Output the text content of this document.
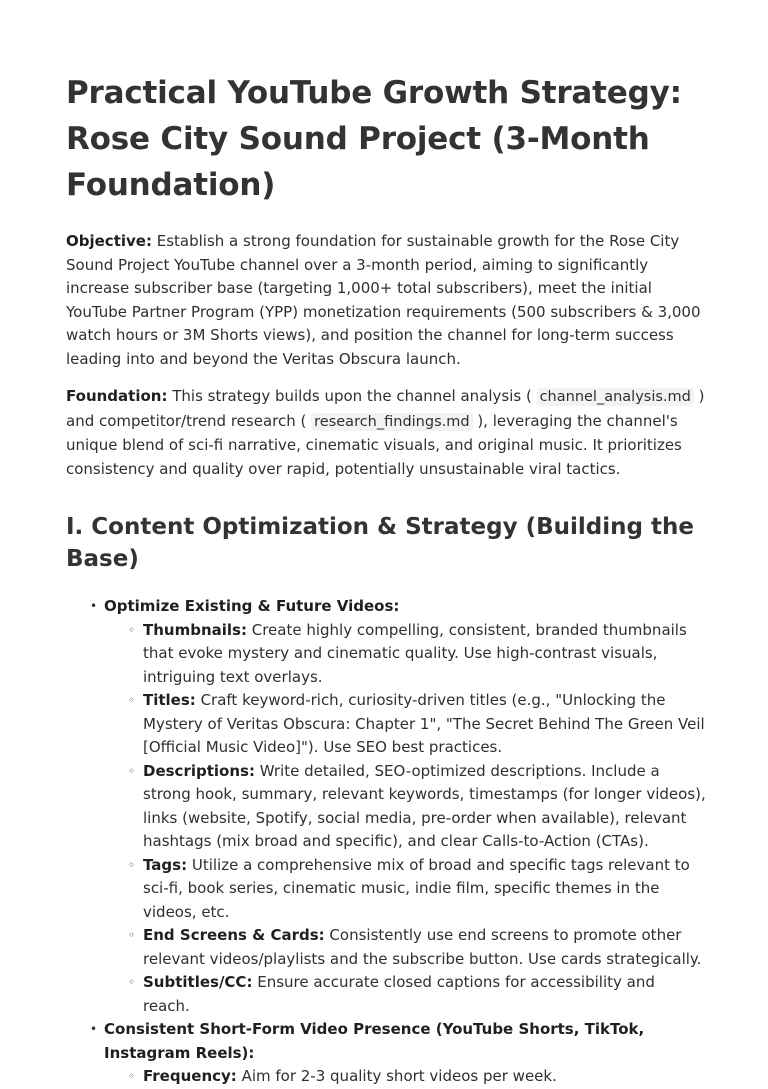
Practical YouTube Growth Strategy: Rose City Sound Project (3-Month Foundation)

Objective: Establish a strong foundation for sustainable growth for the Rose City Sound Project YouTube channel over a 3-month period, aiming to significantly increase subscriber base (targeting 1,000+ total subscribers), meet the initial YouTube Partner Program (YPP) monetization requirements (500 subscribers & 3,000 watch hours or 3M Shorts views), and position the channel for long-term success leading into and beyond the Veritas Obscura launch.

Foundation: This strategy builds upon the channel analysis ( channel_analysis.md ) and competitor/trend research ( research_findings.md ), leveraging the channel's unique blend of sci-fi narrative, cinematic visuals, and original music. It prioritizes consistency and quality over rapid, potentially unsustainable viral tactics.

I. Content Optimization & Strategy (Building the Base)
• Optimize Existing & Future Videos:
◦ Thumbnails: Create highly compelling, consistent, branded thumbnails that evoke mystery and cinematic quality. Use high-contrast visuals, intriguing text overlays.
◦ Titles: Craft keyword-rich, curiosity-driven titles (e.g., "Unlocking the Mystery of Veritas Obscura: Chapter 1", "The Secret Behind The Green Veil [Official Music Video]"). Use SEO best practices.
◦ Descriptions: Write detailed, SEO-optimized descriptions. Include a strong hook, summary, relevant keywords, timestamps (for longer videos), links (website, Spotify, social media, pre-order when available), relevant hashtags (mix broad and specific), and clear Calls-to-Action (CTAs).
◦ Tags: Utilize a comprehensive mix of broad and specific tags relevant to sci-fi, book series, cinematic music, indie film, specific themes in the videos, etc.
◦ End Screens & Cards: Consistently use end screens to promote other relevant videos/playlists and the subscribe button. Use cards strategically.
◦ Subtitles/CC: Ensure accurate closed captions for accessibility and reach.
• Consistent Short-Form Video Presence (YouTube Shorts, TikTok, Instagram Reels):
◦ Frequency: Aim for 2-3 quality short videos per week.
